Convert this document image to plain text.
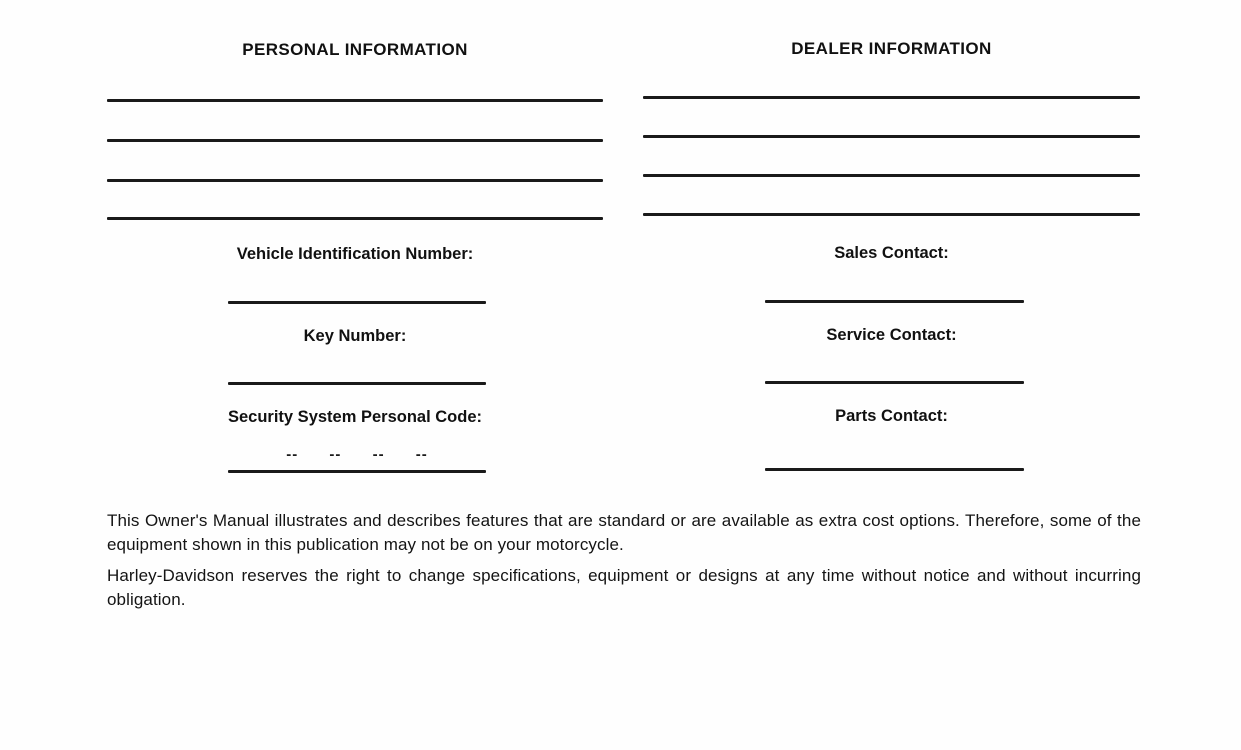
PERSONAL INFORMATION	DEALER INFORMATION

Vehicle Identification Number:

Key Number:

Security System Personal Code:

-- -- -- --

Sales Contact:

Service Contact:

Parts Contact:

This Owner's Manual illustrates and describes features that are standard or are available as extra cost options. Therefore, some of the equipment shown in this publication may not be on your motorcycle.

Harley-Davidson reserves the right to change specifications, equipment or designs at any time without notice and without incurring obligation.
